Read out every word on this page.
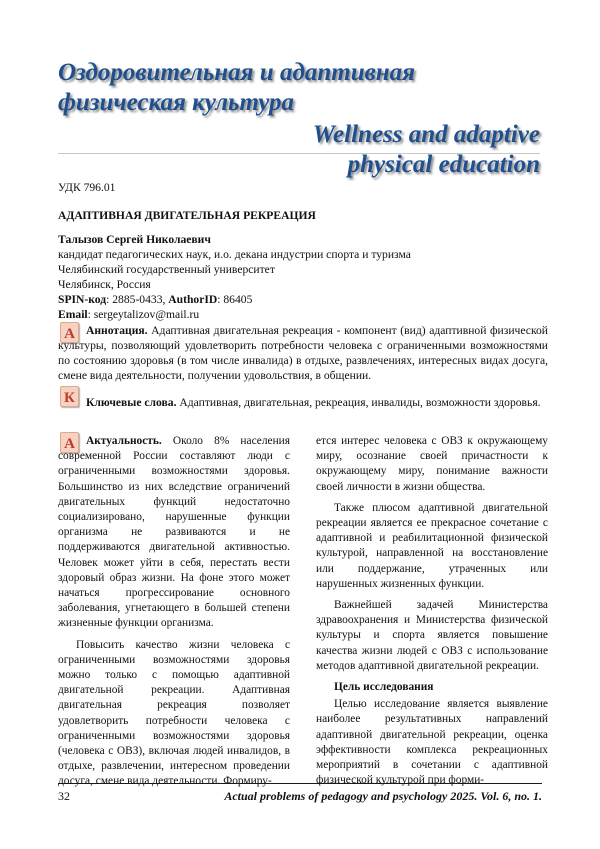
Оздоровительная и адаптивная
физическая культура
Wellness and adaptive
physical education
УДК 796.01
АДАПТИВНАЯ ДВИГАТЕЛЬНАЯ РЕКРЕАЦИЯ
Талызов Сергей Николаевич
кандидат педагогических наук, и.о. декана индустрии спорта и туризма
Челябинский государственный университет
Челябинск, Россия
SPIN-код: 2885-0433, AuthorID: 86405
Email: sergeytalizov@mail.ru
А Аннотация. Адаптивная двигательная рекреация - компонент (вид) адаптивной физической культуры, позволяющий удовлетворить потребности человека с ограниченными возможностями по состоянию здоровья (в том числе инвалида) в отдыхе, развлечениях, интересных видах досуга, смене вида деятельности, получении удовольствия, в общении.
К Ключевые слова. Адаптивная, двигательная, рекреация, инвалиды, возможности здоровья.
А Актуальность. Около 8% населения современной России составляют люди с ограниченными возможностями здоровья. Большинство из них вследствие ограничений двигательных функций недостаточно социализировано, нарушенные функции организма не развиваются и не поддерживаются двигательной активностью. Человек может уйти в себя, перестать вести здоровый образ жизни. На фоне этого может начаться прогрессирование основного заболевания, угнетающего в большей степени жизненные функции организма.

Повысить качество жизни человека с ограниченными возможностями здоровья можно только с помощью адаптивной двигательной рекреации. Адаптивная двигательная рекреация позволяет удовлетворить потребности человека с ограниченными возможностями здоровья (человека с ОВЗ), включая людей инвалидов, в отдыхе, развлечении, интересном проведении досуга, смене вида деятельности. Формиру-

ется интерес человека с ОВЗ к окружающему миру, осознание своей причастности к окружающему миру, понимание важности своей личности в жизни общества.

Также плюсом адаптивной двигательной рекреации является ее прекрасное сочетание с адаптивной и реабилитационной физической культурой, направленной на восстановление или поддержание, утраченных или нарушенных жизненных функции.

Важнейшей задачей Министерства здравоохранения и Министерства физической культуры и спорта является повышение качества жизни людей с ОВЗ с использование методов адаптивной двигательной рекреации.

Цель исследования

Целью исследование является выявление наиболее результативных направлений адаптивной двигательной рекреации, оценка эффективности комплекса рекреационных мероприятий в сочетании с адаптивной физической культурой при форми-

32	Actual problems of pedagogy and psychology 2025. Vol. 6, no. 1.
